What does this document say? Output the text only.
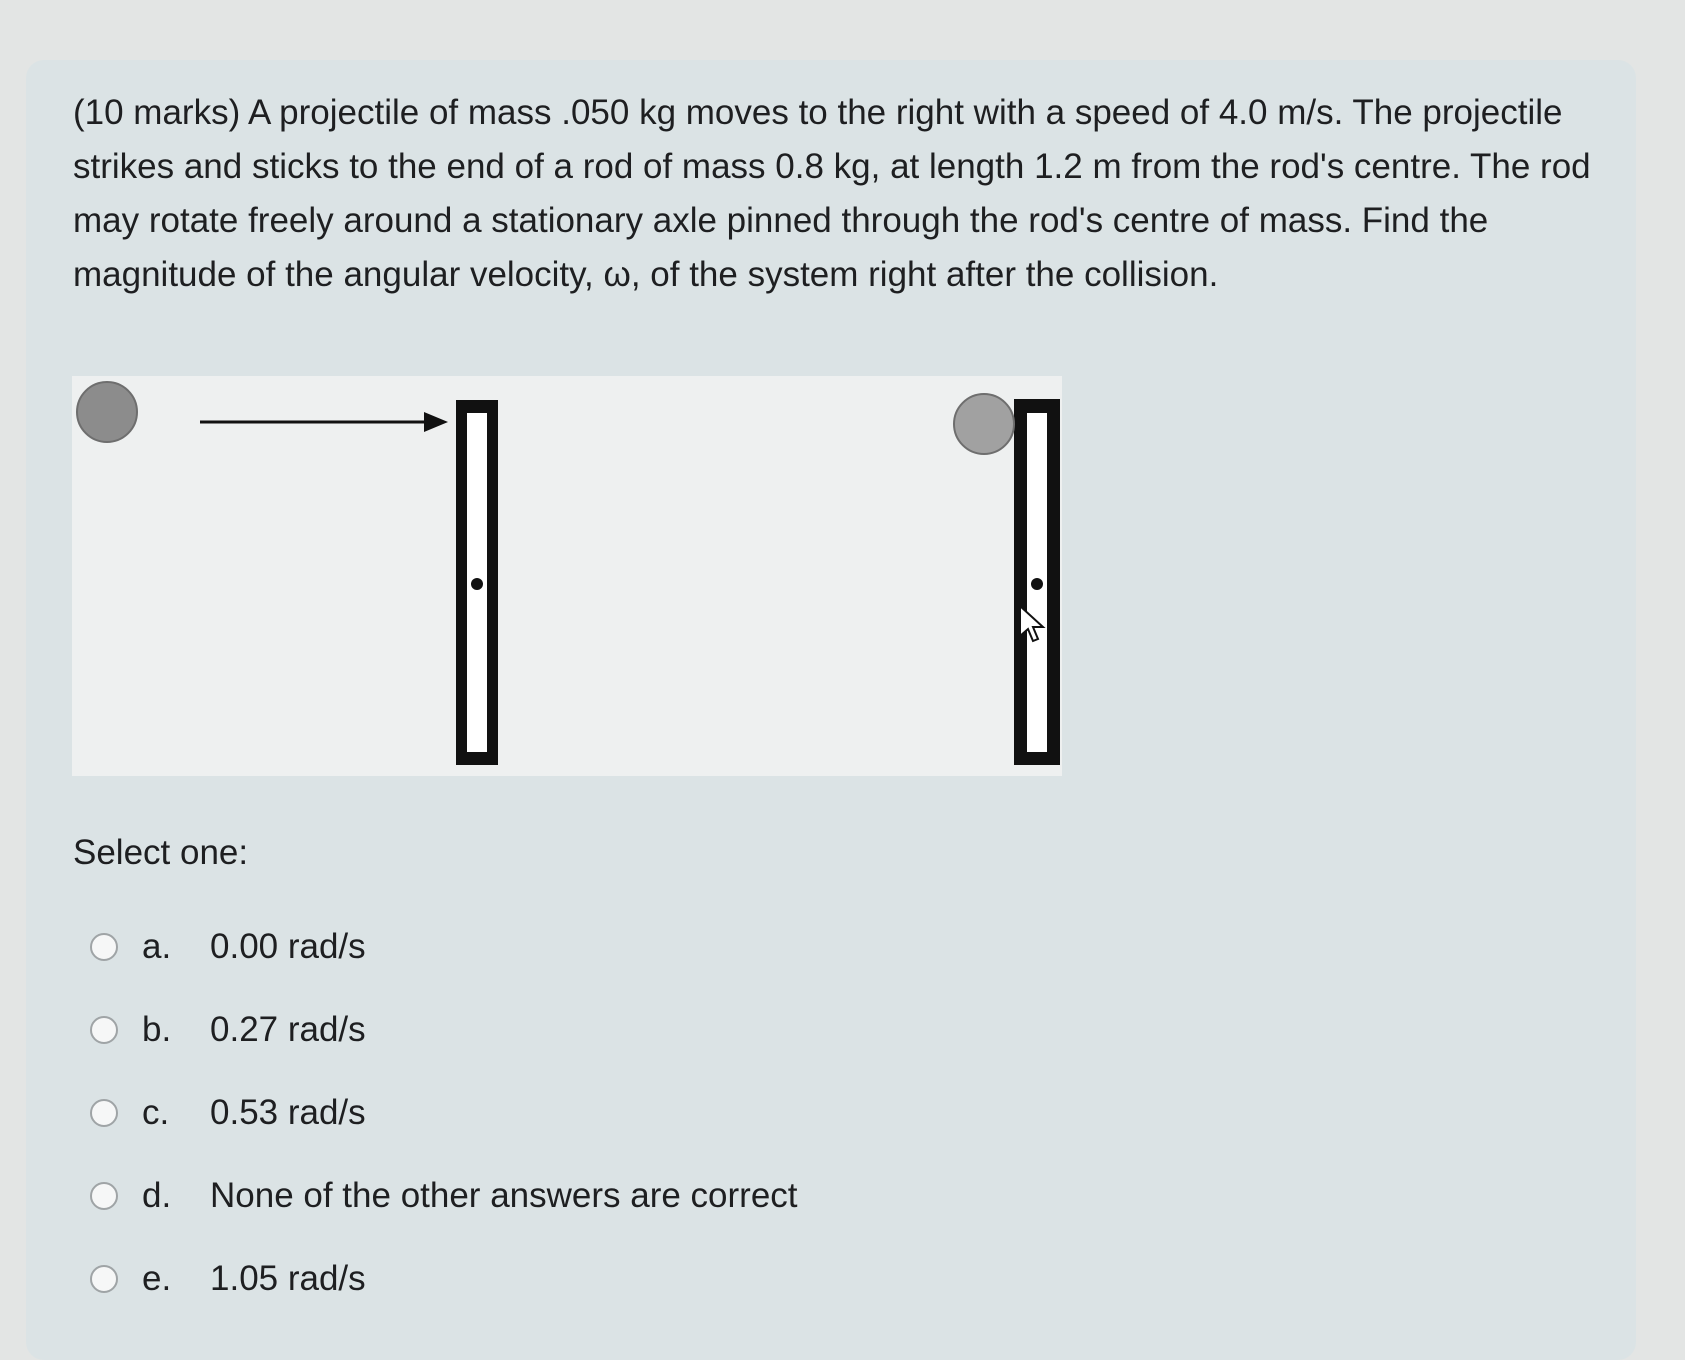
(10 marks) A projectile of mass .050 kg moves to the right with a speed of 4.0 m/s. The projectile strikes and sticks to the end of a rod of mass 0.8 kg, at length 1.2 m from the rod's centre. The rod may rotate freely around a stationary axle pinned through the rod's centre of mass. Find the magnitude of the angular velocity, ω, of the system right after the collision.

Select one:

a.	0.00 rad/s
b.	0.27 rad/s
c.	0.53 rad/s
d.	None of the other answers are correct
e.	1.05 rad/s
